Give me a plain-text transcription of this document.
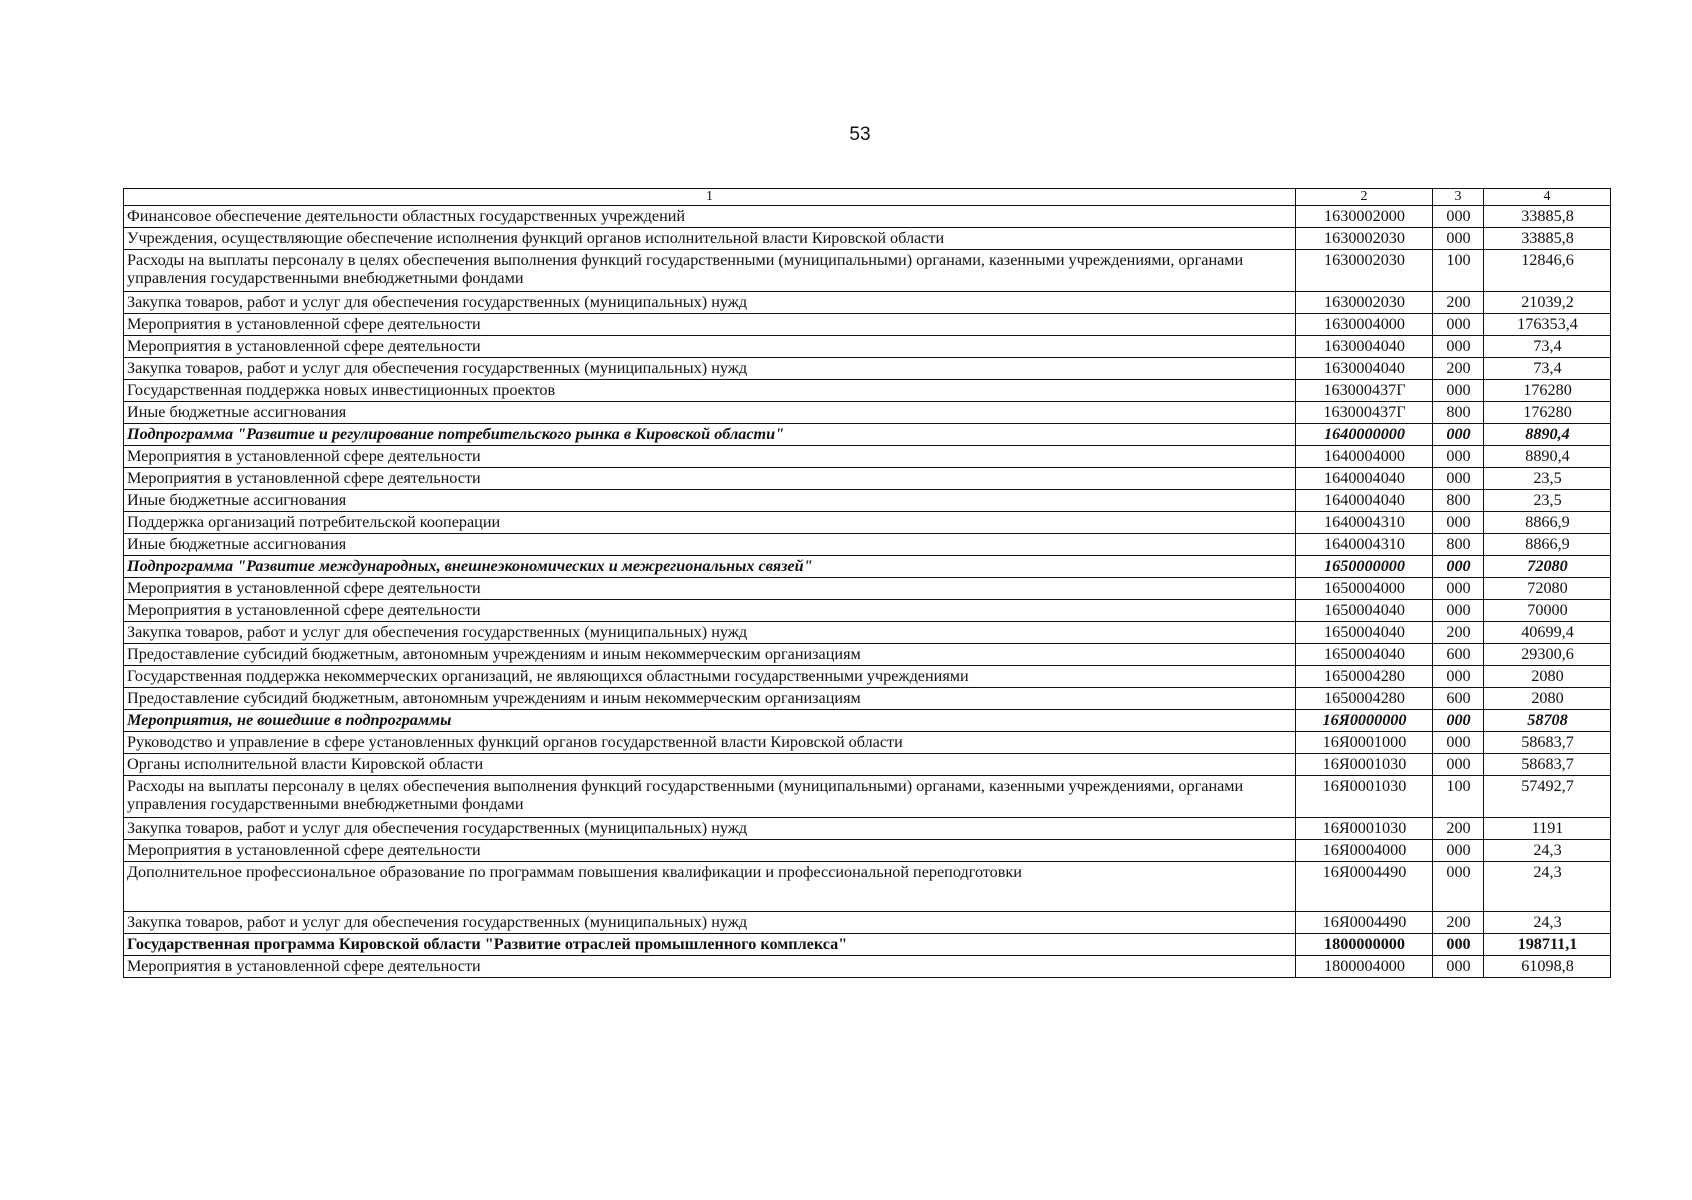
53
1	2	3	4
Финансовое обеспечение деятельности областных государственных учреждений	1630002000	000	33885,8
Учреждения, осуществляющие обеспечение исполнения функций органов исполнительной власти Кировской области	1630002030	000	33885,8
Расходы на выплаты персоналу в целях обеспечения выполнения функций государственными (муниципальными) органами, казенными учреждениями, органами управления государственными внебюджетными фондами	1630002030	100	12846,6
Закупка товаров, работ и услуг для обеспечения государственных (муниципальных) нужд	1630002030	200	21039,2
Мероприятия в установленной сфере деятельности	1630004000	000	176353,4
Мероприятия в установленной сфере деятельности	1630004040	000	73,4
Закупка товаров, работ и услуг для обеспечения государственных (муниципальных) нужд	1630004040	200	73,4
Государственная поддержка новых инвестиционных проектов	163000437Г	000	176280
Иные бюджетные ассигнования	163000437Г	800	176280
Подпрограмма "Развитие и регулирование потребительского рынка в Кировской области"	1640000000	000	8890,4
Мероприятия в установленной сфере деятельности	1640004000	000	8890,4
Мероприятия в установленной сфере деятельности	1640004040	000	23,5
Иные бюджетные ассигнования	1640004040	800	23,5
Поддержка организаций потребительской кооперации	1640004310	000	8866,9
Иные бюджетные ассигнования	1640004310	800	8866,9
Подпрограмма "Развитие международных, внешнеэкономических и межрегиональных связей"	1650000000	000	72080
Мероприятия в установленной сфере деятельности	1650004000	000	72080
Мероприятия в установленной сфере деятельности	1650004040	000	70000
Закупка товаров, работ и услуг для обеспечения государственных (муниципальных) нужд	1650004040	200	40699,4
Предоставление субсидий бюджетным, автономным учреждениям и иным некоммерческим организациям	1650004040	600	29300,6
Государственная поддержка некоммерческих организаций, не являющихся областными государственными учреждениями	1650004280	000	2080
Предоставление субсидий бюджетным, автономным учреждениям и иным некоммерческим организациям	1650004280	600	2080
Мероприятия, не вошедшие в подпрограммы	16Я0000000	000	58708
Руководство и управление в сфере установленных функций органов государственной власти Кировской области	16Я0001000	000	58683,7
Органы исполнительной власти Кировской области	16Я0001030	000	58683,7
Расходы на выплаты персоналу в целях обеспечения выполнения функций государственными (муниципальными) органами, казенными учреждениями, органами управления государственными внебюджетными фондами	16Я0001030	100	57492,7
Закупка товаров, работ и услуг для обеспечения государственных (муниципальных) нужд	16Я0001030	200	1191
Мероприятия в установленной сфере деятельности	16Я0004000	000	24,3
Дополнительное профессиональное образование по программам повышения квалификации и профессиональной переподготовки	16Я0004490	000	24,3
Закупка товаров, работ и услуг для обеспечения государственных (муниципальных) нужд	16Я0004490	200	24,3
Государственная программа Кировской области "Развитие отраслей промышленного комплекса"	1800000000	000	198711,1
Мероприятия в установленной сфере деятельности	1800004000	000	61098,8
